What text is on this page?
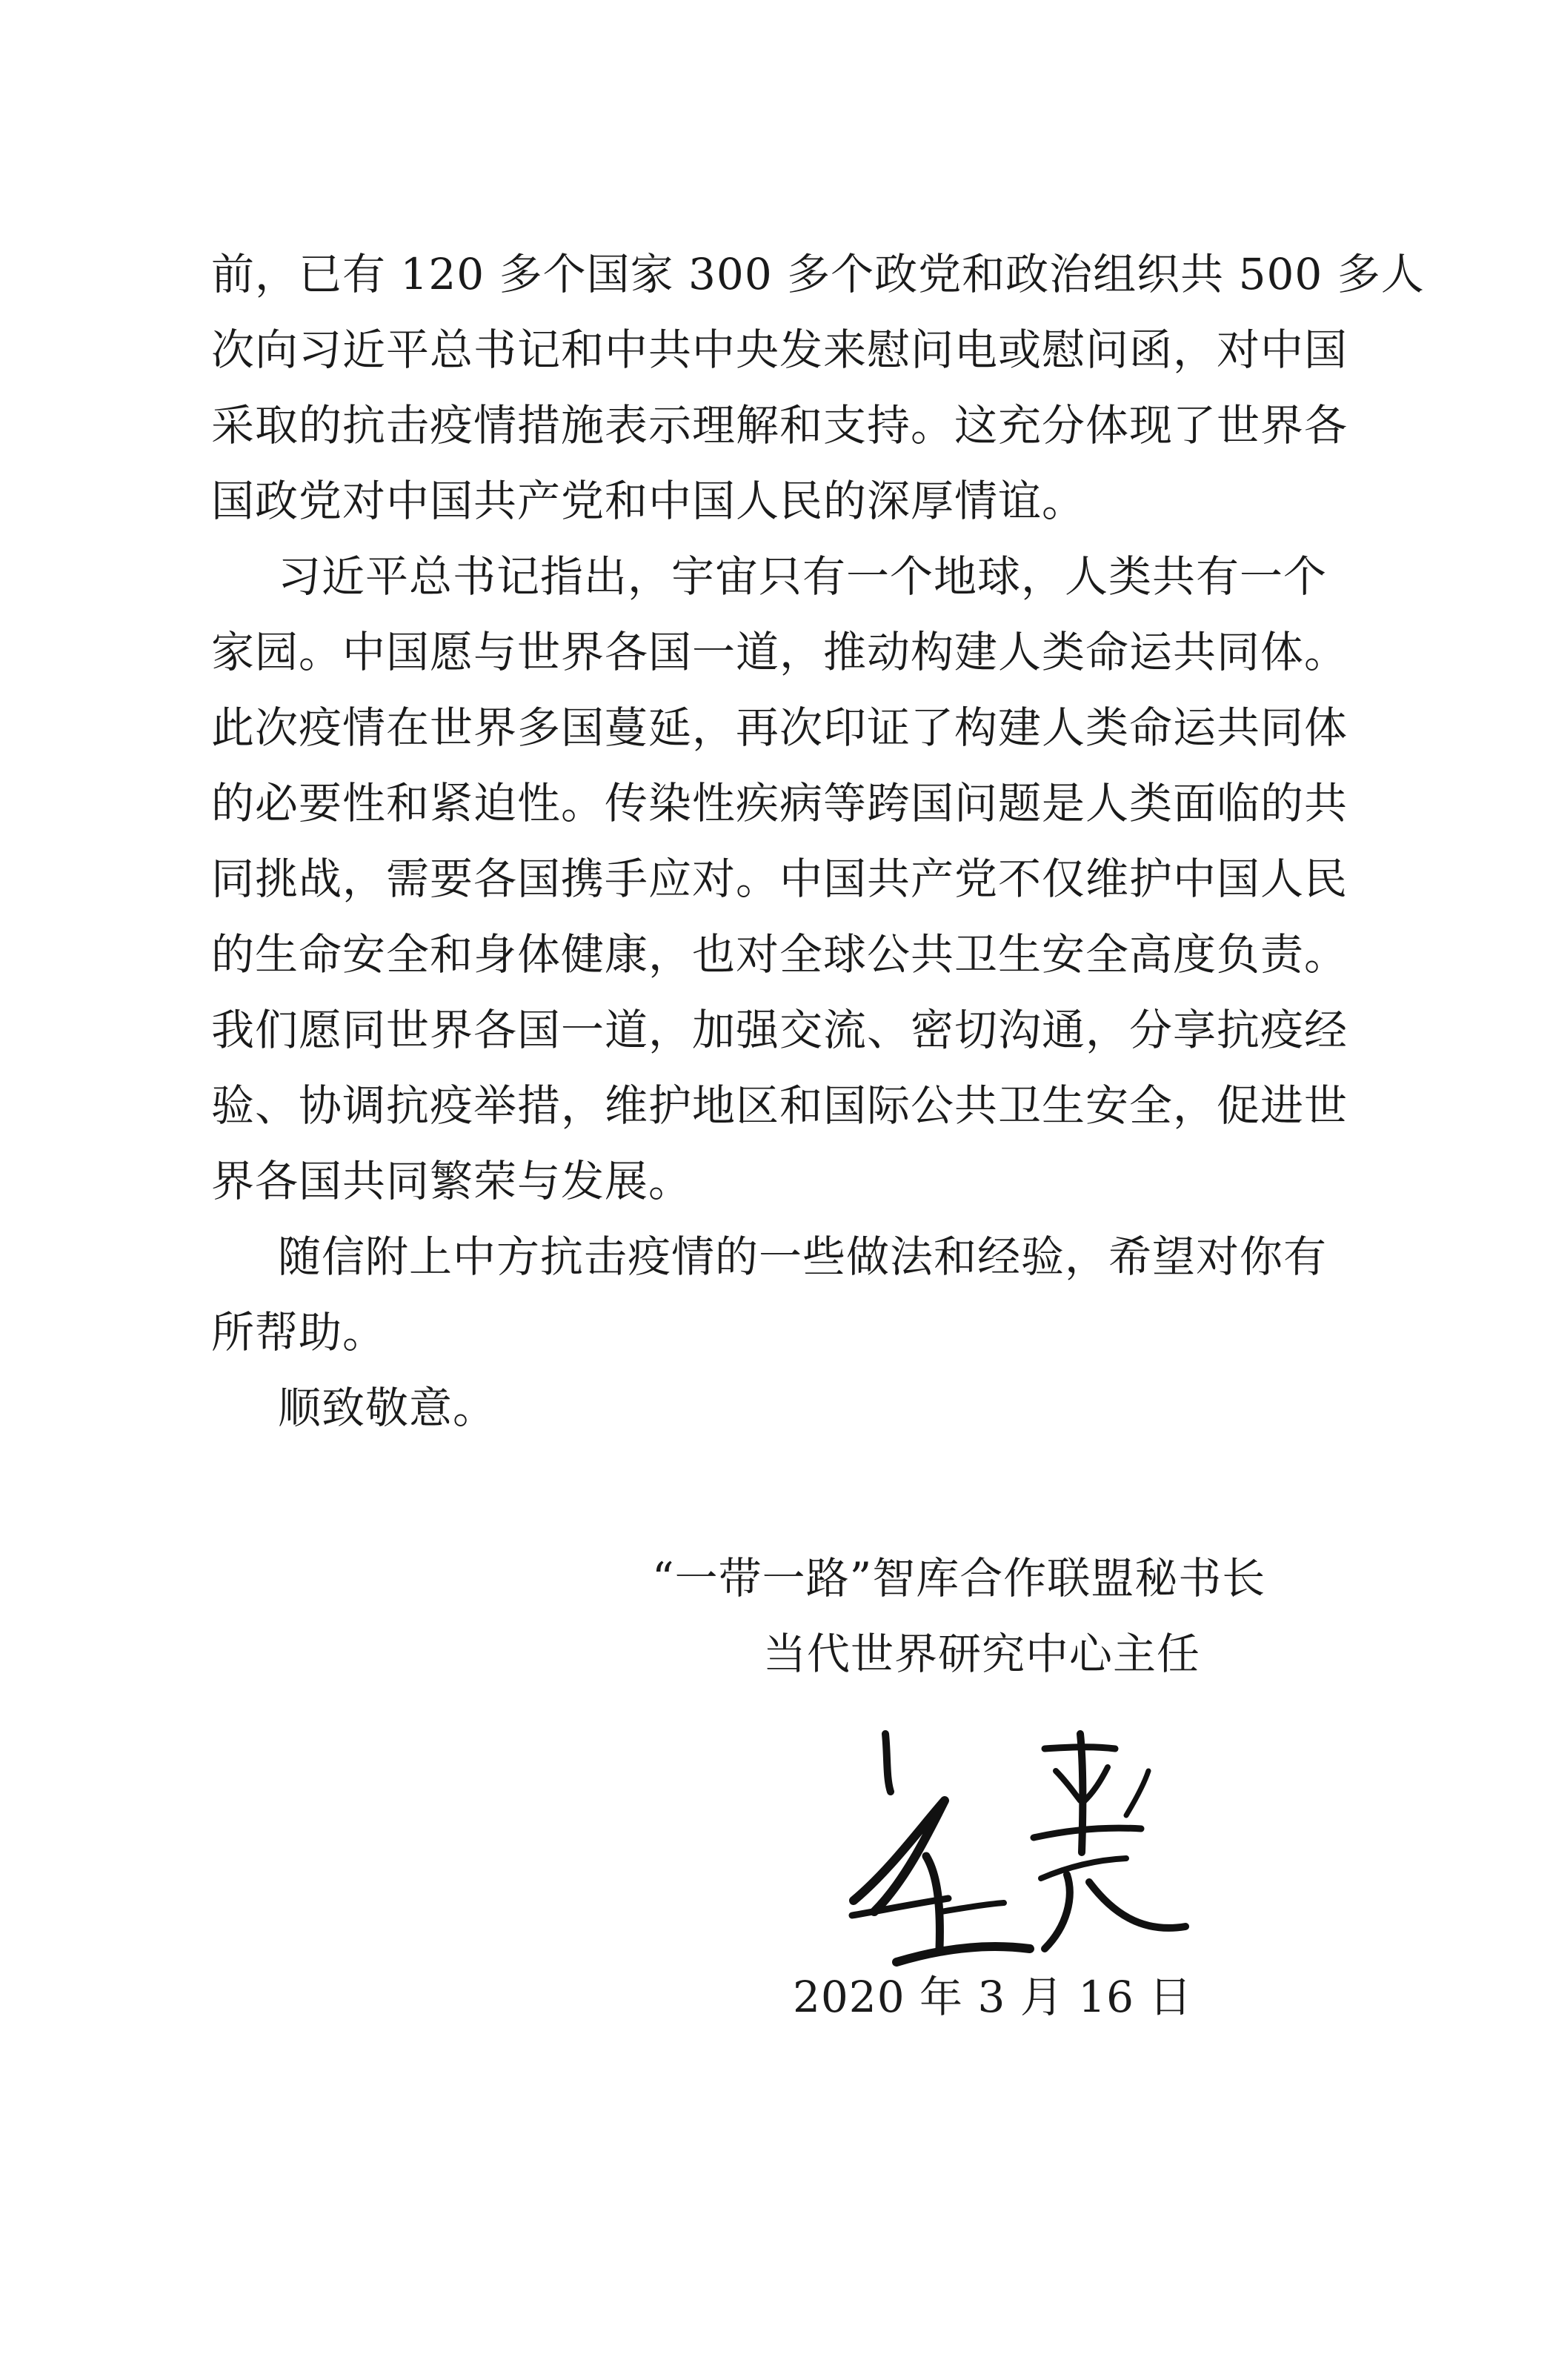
前，已有 120 多个国家 300 多个政党和政治组织共 500 多人
次向习近平总书记和中共中央发来慰问电或慰问函，对中国
采取的抗击疫情措施表示理解和支持。这充分体现了世界各
国政党对中国共产党和中国人民的深厚情谊。
习近平总书记指出，宇宙只有一个地球，人类共有一个
家园。中国愿与世界各国一道，推动构建人类命运共同体。
此次疫情在世界多国蔓延，再次印证了构建人类命运共同体
的必要性和紧迫性。传染性疾病等跨国问题是人类面临的共
同挑战，需要各国携手应对。中国共产党不仅维护中国人民
的生命安全和身体健康，也对全球公共卫生安全高度负责。
我们愿同世界各国一道，加强交流、密切沟通，分享抗疫经
验、协调抗疫举措，维护地区和国际公共卫生安全，促进世
界各国共同繁荣与发展。
随信附上中方抗击疫情的一些做法和经验，希望对你有
所帮助。
顺致敬意。
“一带一路”智库合作联盟秘书长
当代世界研究中心主任
2020 年 3 月 16 日
